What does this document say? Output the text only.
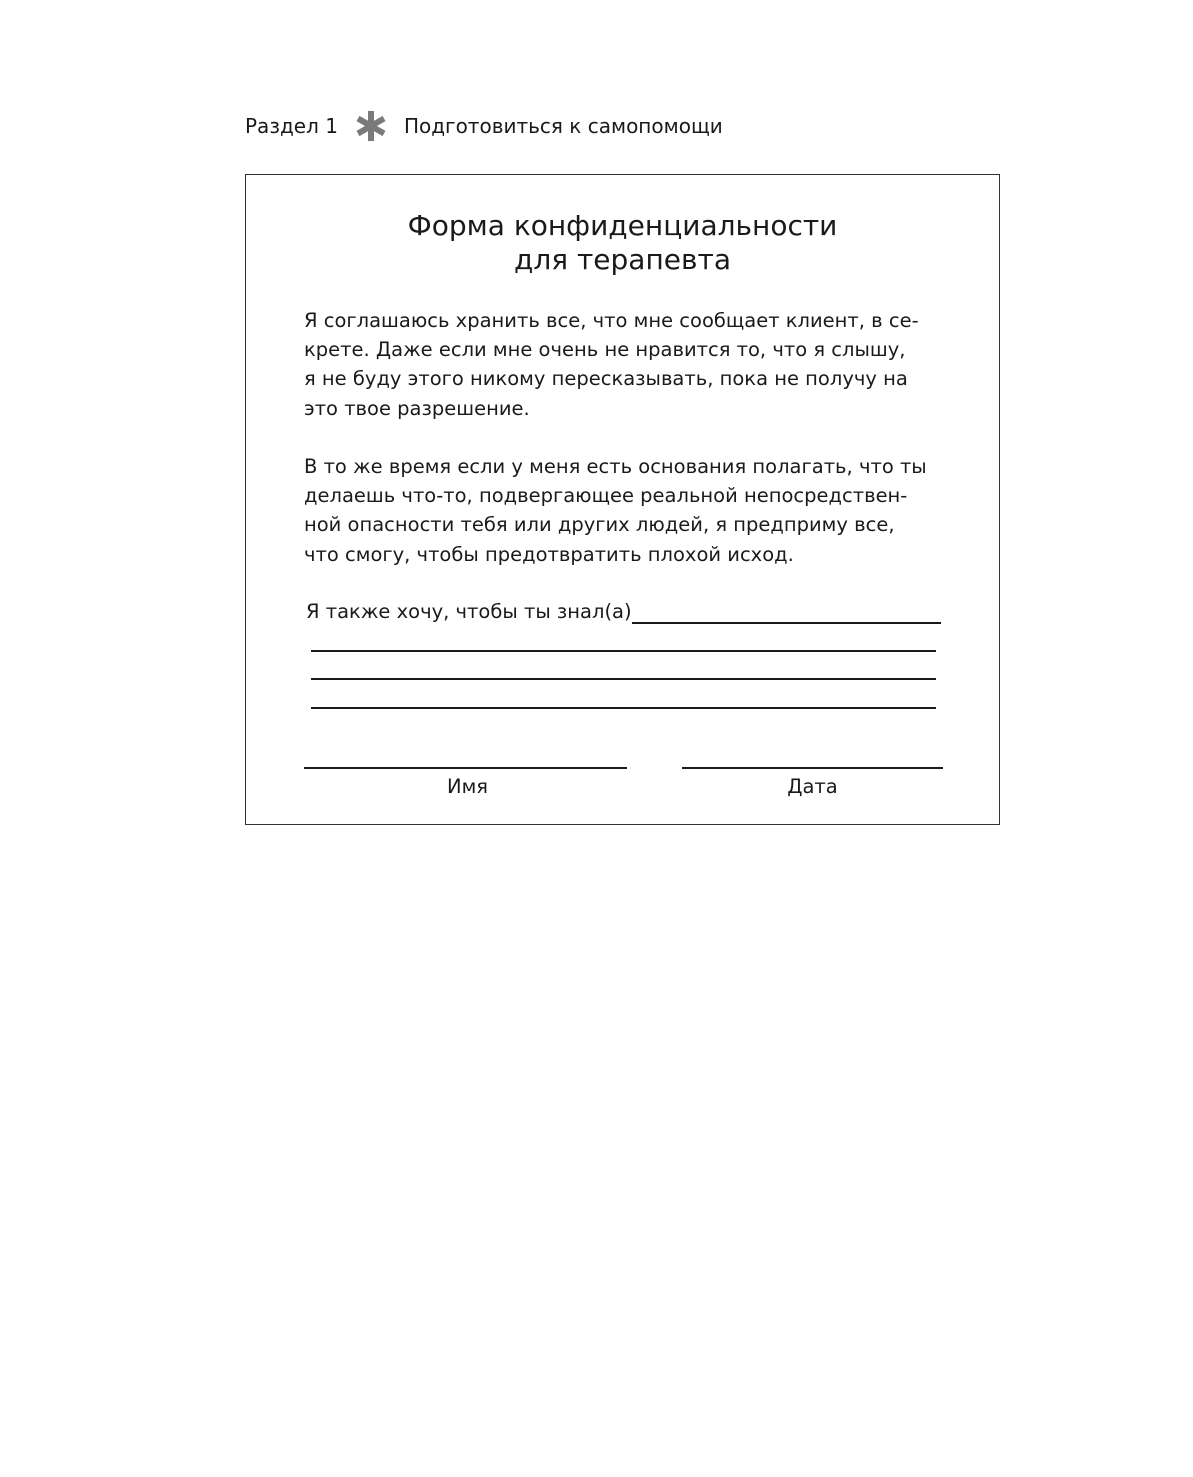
Раздел 1	Подготовиться к самопомощи
Форма конфиденциальности
для терапевта

Я соглашаюсь хранить все, что мне сообщает клиент, в се-
крете. Даже если мне очень не нравится то, что я слышу,
я не буду этого никому пересказывать, пока не получу на
это твое разрешение.

В то же время если у меня есть основания полагать, что ты
делаешь что-то, подвергающее реальной непосредствен-
ной опасности тебя или других людей, я предприму все,
что смогу, чтобы предотвратить плохой исход.

Я также хочу, чтобы ты знал(а)
Имя	Дата
